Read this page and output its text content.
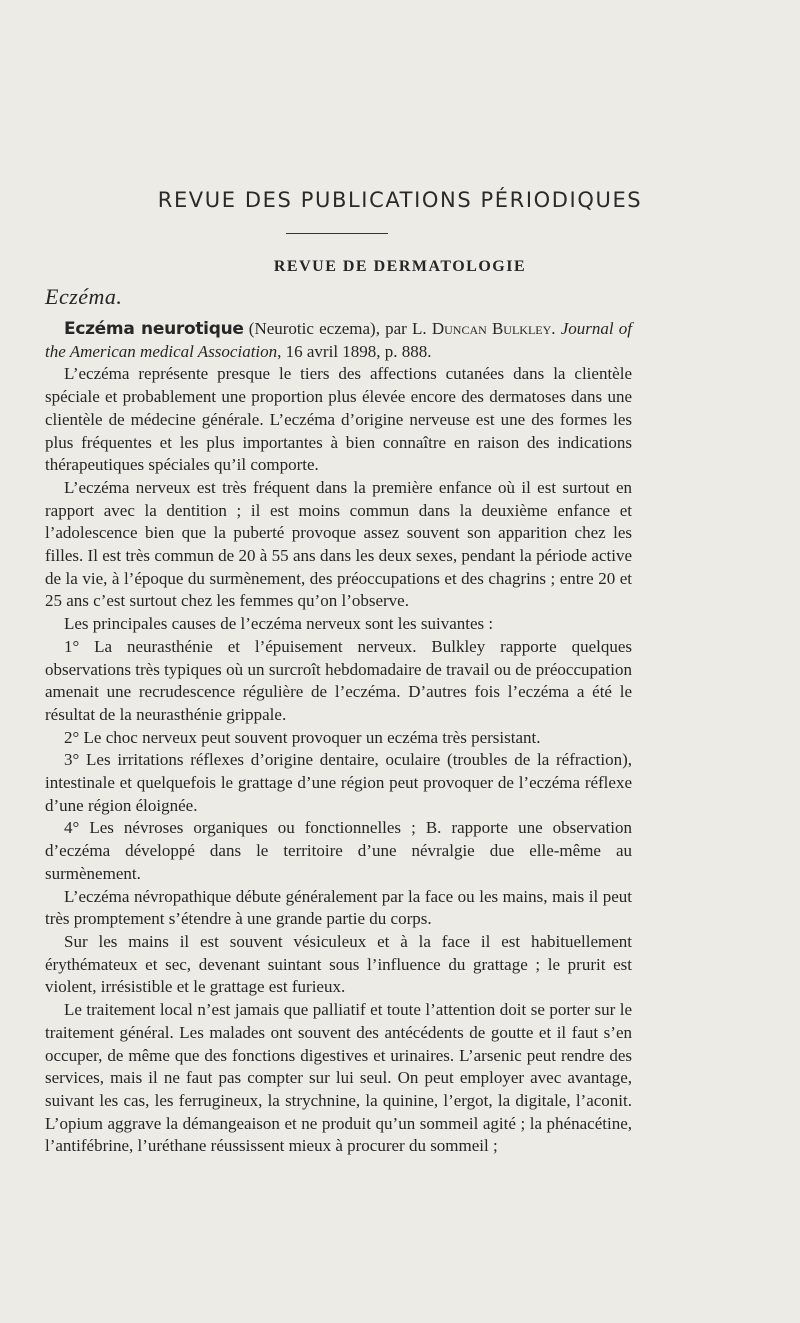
REVUE DES PUBLICATIONS PÉRIODIQUES
REVUE DE DERMATOLOGIE
Eczéma.

Eczéma neurotique (Neurotic eczema), par L. Duncan Bulkley. Journal of the American medical Association, 16 avril 1898, p. 888.

L’eczéma représente presque le tiers des affections cutanées dans la clientèle spéciale et probablement une proportion plus élevée encore des dermatoses dans une clientèle de médecine générale. L’eczéma d’origine nerveuse est une des formes les plus fréquentes et les plus importantes à bien connaître en raison des indications thérapeutiques spéciales qu’il comporte.

L’eczéma nerveux est très fréquent dans la première enfance où il est surtout en rapport avec la dentition ; il est moins commun dans la deuxième enfance et l’adolescence bien que la puberté provoque assez souvent son apparition chez les filles. Il est très commun de 20 à 55 ans dans les deux sexes, pendant la période active de la vie, à l’époque du surmènement, des préoccupations et des chagrins ; entre 20 et 25 ans c’est surtout chez les femmes qu’on l’observe.

Les principales causes de l’eczéma nerveux sont les suivantes :

1° La neurasthénie et l’épuisement nerveux. Bulkley rapporte quelques observations très typiques où un surcroît hebdomadaire de travail ou de préoccupation amenait une recrudescence régulière de l’eczéma. D’autres fois l’eczéma a été le résultat de la neurasthénie grippale.

2° Le choc nerveux peut souvent provoquer un eczéma très persistant.

3° Les irritations réflexes d’origine dentaire, oculaire (troubles de la réfraction), intestinale et quelquefois le grattage d’une région peut provoquer de l’eczéma réflexe d’une région éloignée.

4° Les névroses organiques ou fonctionnelles ; B. rapporte une observation d’eczéma développé dans le territoire d’une névralgie due elle-même au surmènement.

L’eczéma névropathique débute généralement par la face ou les mains, mais il peut très promptement s’étendre à une grande partie du corps.

Sur les mains il est souvent vésiculeux et à la face il est habituellement érythémateux et sec, devenant suintant sous l’influence du grattage ; le prurit est violent, irrésistible et le grattage est furieux.

Le traitement local n’est jamais que palliatif et toute l’attention doit se porter sur le traitement général. Les malades ont souvent des antécédents de goutte et il faut s’en occuper, de même que des fonctions digestives et urinaires. L’arsenic peut rendre des services, mais il ne faut pas compter sur lui seul. On peut employer avec avantage, suivant les cas, les ferrugineux, la strychnine, la quinine, l’ergot, la digitale, l’aconit. L’opium aggrave la démangeaison et ne produit qu’un sommeil agité ; la phénacétine, l’antifébrine, l’uréthane réussissent mieux à procurer du sommeil ;
